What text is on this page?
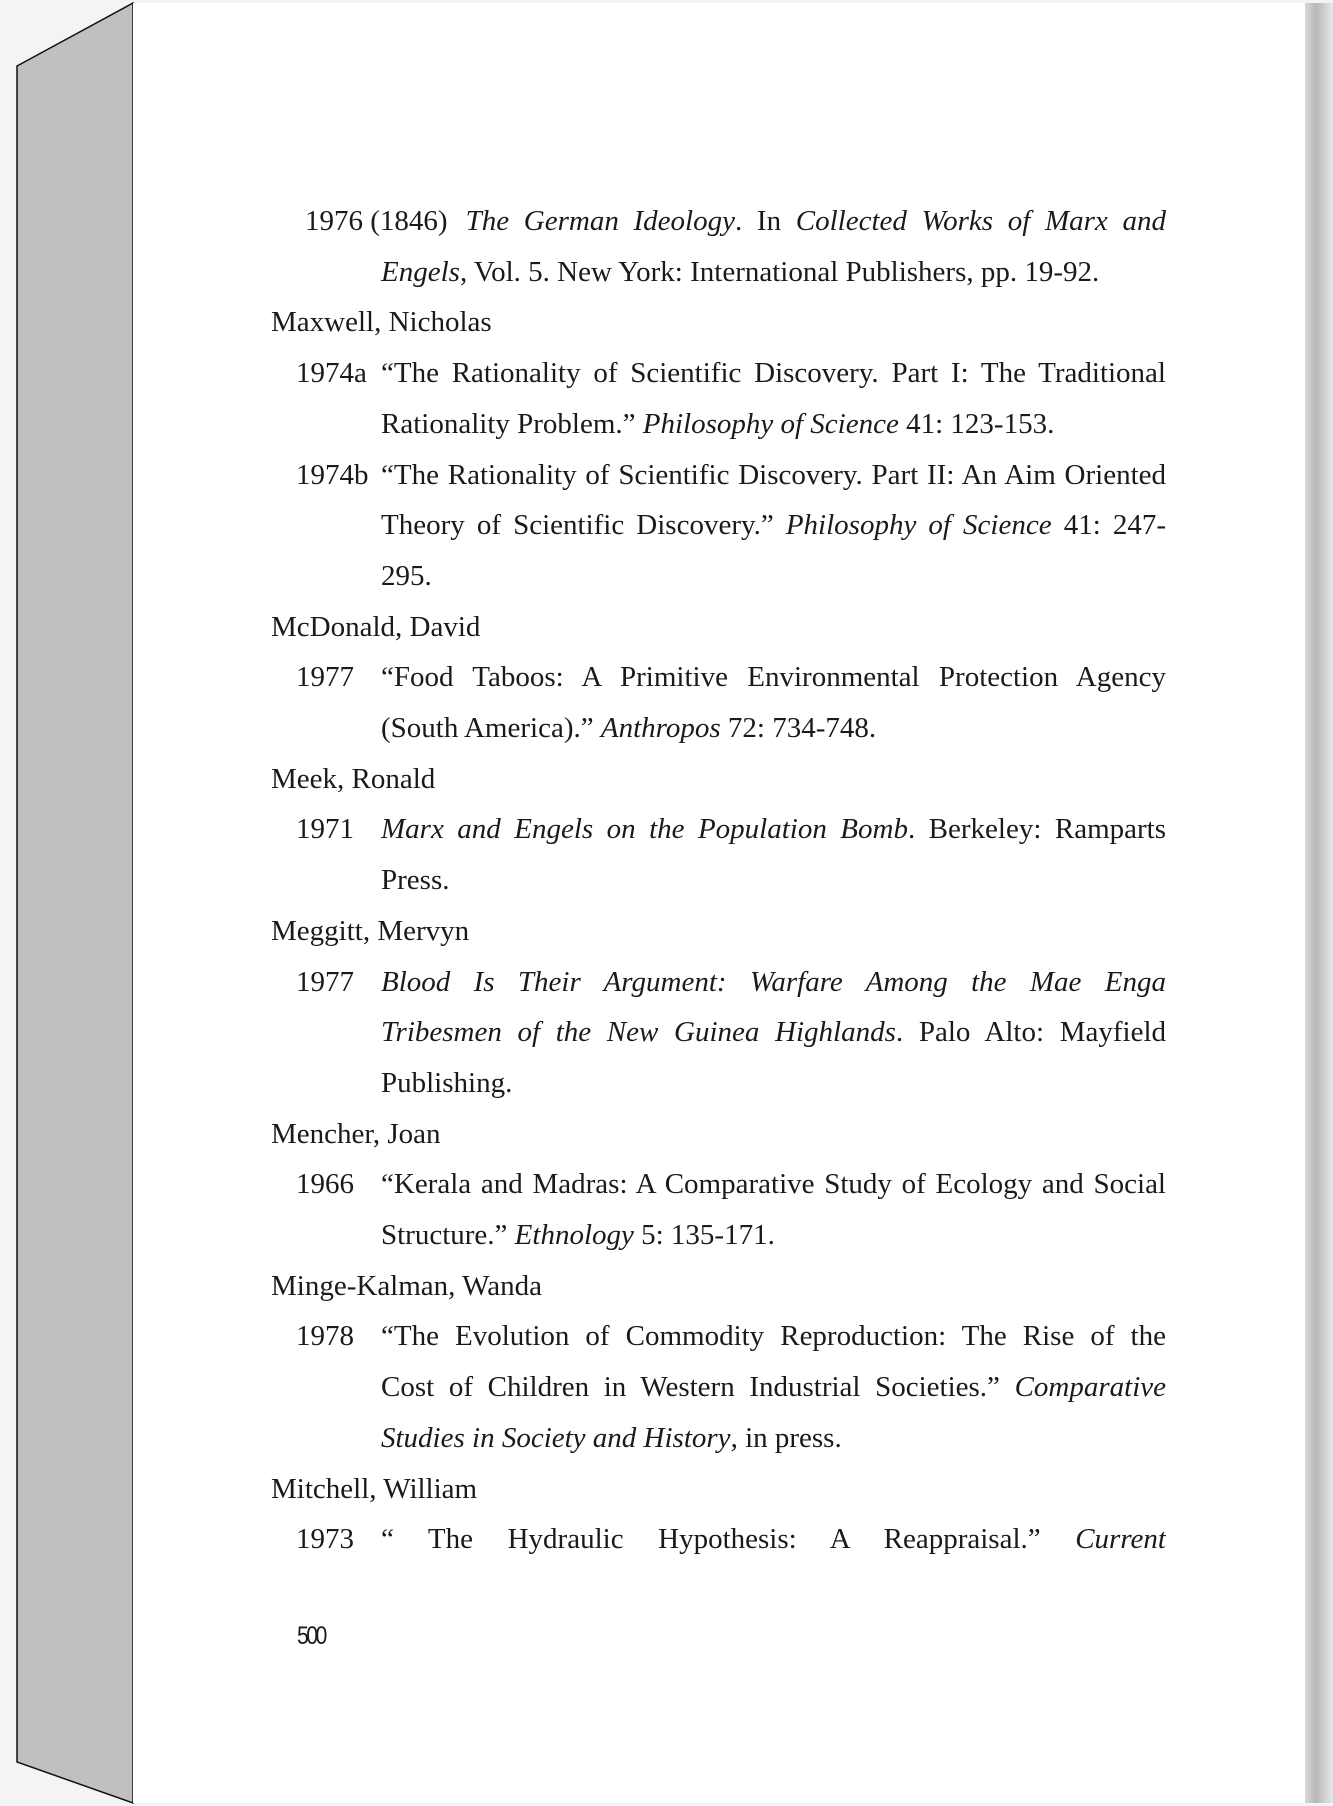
1976 (1846) The German Ideology. In Collected Works of Marx and
Engels, Vol. 5. New York: International Publishers, pp. 19-92.
Maxwell, Nicholas
1974a “The Rationality of Scientific Discovery. Part I: The Traditional
Rationality Problem.” Philosophy of Science 41: 123-153.
1974b “The Rationality of Scientific Discovery. Part II: An Aim Oriented
Theory of Scientific Discovery.” Philosophy of Science 41: 247-
295.
McDonald, David
1977 “Food Taboos: A Primitive Environmental Protection Agency
(South America).” Anthropos 72: 734-748.
Meek, Ronald
1971 Marx and Engels on the Population Bomb. Berkeley: Ramparts
Press.
Meggitt, Mervyn
1977 Blood Is Their Argument: Warfare Among the Mae Enga
Tribesmen of the New Guinea Highlands. Palo Alto: Mayfield
Publishing.
Mencher, Joan
1966 “Kerala and Madras: A Comparative Study of Ecology and Social
Structure.” Ethnology 5: 135-171.
Minge-Kalman, Wanda
1978 “The Evolution of Commodity Reproduction: The Rise of the
Cost of Children in Western Industrial Societies.” Comparative
Studies in Society and History, in press.
Mitchell, William
1973 “ The Hydraulic Hypothesis: A Reappraisal.” Current
500
